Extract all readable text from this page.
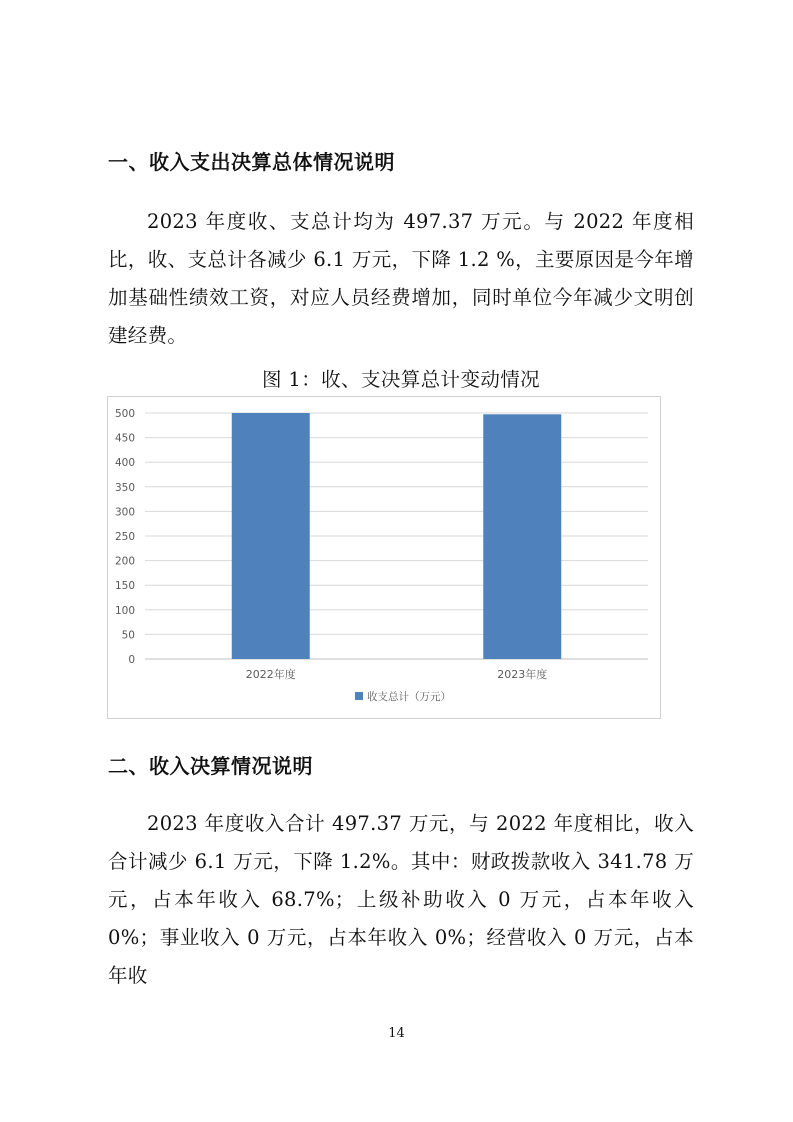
一、收入支出决算总体情况说明

2023 年度收、支总计均为 497.37 万元。与 2022 年度相比，收、支总计各减少 6.1 万元，下降 1.2 %，主要原因是今年增加基础性绩效工资，对应人员经费增加，同时单位今年减少文明创建经费。

图 1：收、支决算总计变动情况
0
50
100
150
200
250
300
350
400
450
500
2022年度	2023年度
收支总计（万元）
二、收入决算情况说明

2023 年度收入合计 497.37 万元，与 2022 年度相比，收入合计减少 6.1 万元，下降 1.2%。其中：财政拨款收入 341.78 万元，占本年收入 68.7%；上级补助收入 0 万元，占本年收入 0%；事业收入 0 万元，占本年收入 0%；经营收入 0 万元，占本年收

14
